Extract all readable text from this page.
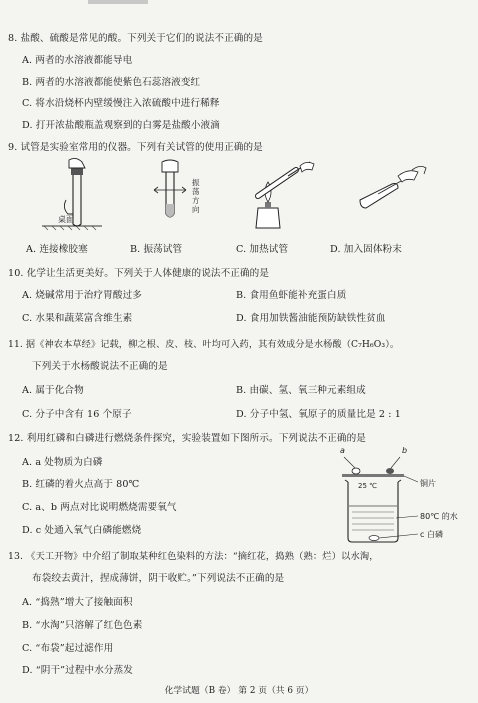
8. 盐酸、硫酸是常见的酸。下列关于它们的说法不正确的是
A. 两者的水溶液都能导电
B. 两者的水溶液都能使紫色石蕊溶液变红
C. 将水沿烧杯内壁缓慢注入浓硫酸中进行稀释
D. 打开浓盐酸瓶盖观察到的白雾是盐酸小液滴
9. 试管是实验室常用的仪器。下列有关试管的使用正确的是
桌面
振荡方向
A. 连接橡胶塞	B. 振荡试管	C. 加热试管	D. 加入固体粉末
10. 化学让生活更美好。下列关于人体健康的说法不正确的是
A. 烧碱常用于治疗胃酸过多	B. 食用鱼虾能补充蛋白质
C. 水果和蔬菜富含维生素	D. 食用加铁酱油能预防缺铁性贫血
11. 据《神农本草经》记载，柳之根、皮、枝、叶均可入药，其有效成分是水杨酸（C₇H₆O₃）。
下列关于水杨酸说法不正确的是
A. 属于化合物	B. 由碳、氢、氧三种元素组成
C. 分子中含有 16 个原子	D. 分子中氢、氧原子的质量比是 2 : 1
12. 利用红磷和白磷进行燃烧条件探究，实验装置如下图所示。下列说法不正确的是
A. a 处物质为白磷
B. 红磷的着火点高于 80℃
C. a、b 两点对比说明燃烧需要氧气
D. c 处通入氧气白磷能燃烧
a	b
铜片
25 ℃
80℃ 的水
c 白磷
13. 《天工开物》中介绍了制取某种红色染料的方法：“摘红花，捣熟（熟：烂）以水淘，
布袋绞去黄汁，捏成薄饼，阴干收贮。”下列说法不正确的是
A. “捣熟”增大了接触面积
B. “水淘”只溶解了红色色素
C. “布袋”起过滤作用
D. “阴干”过程中水分蒸发
化学试题（B 卷） 第 2 页（共 6 页）
